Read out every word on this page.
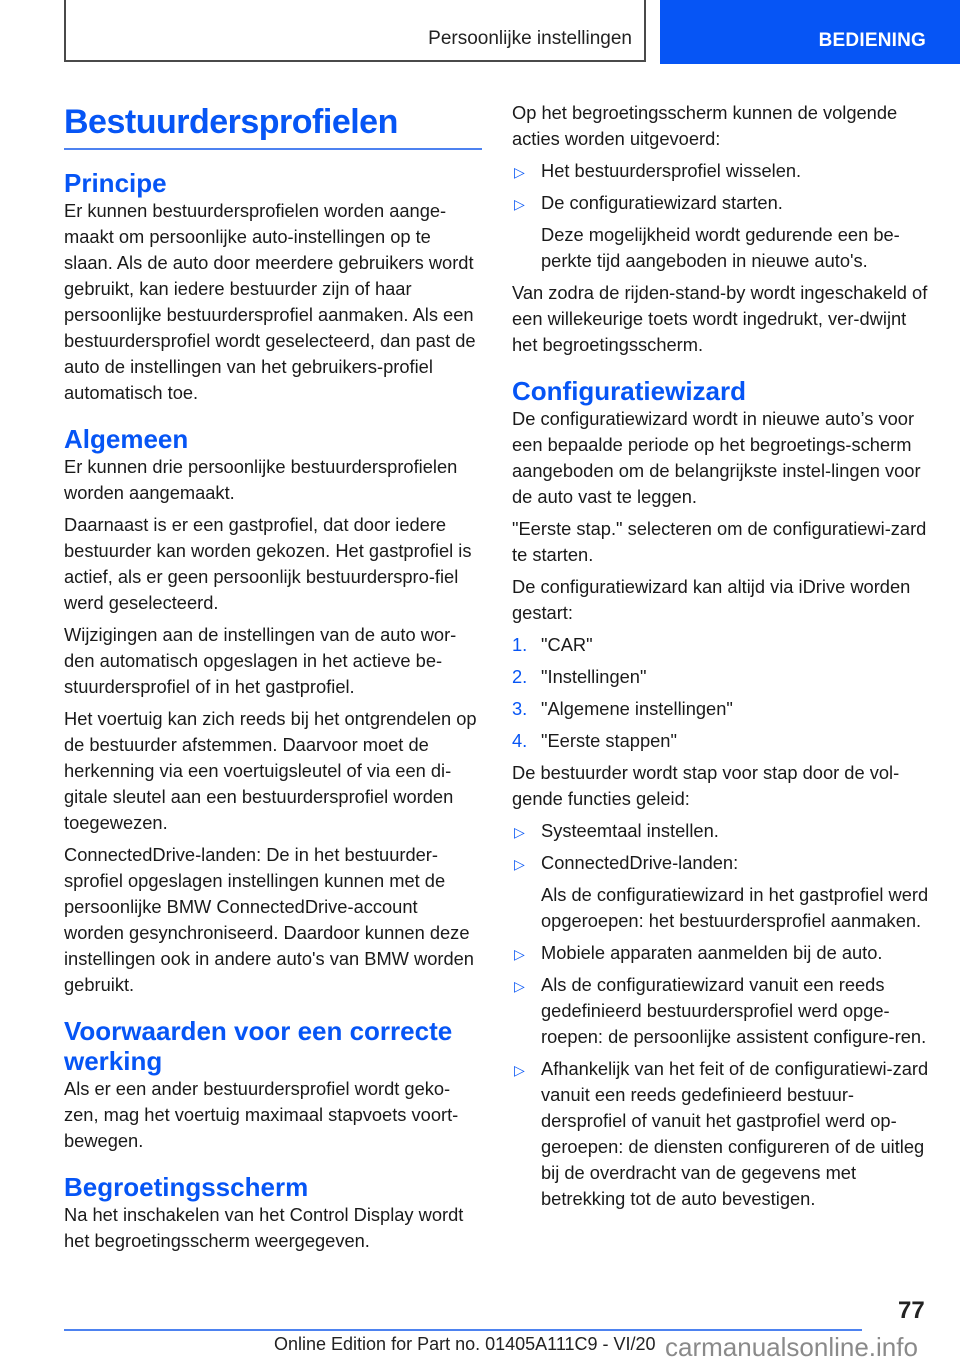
Persoonlijke instellingen	BEDIENING
Bestuurdersprofielen
Principe

Er kunnen bestuurdersprofielen worden aange-maakt om persoonlijke auto-instellingen op te slaan. Als de auto door meerdere gebruikers wordt gebruikt, kan iedere bestuurder zijn of haar persoonlijke bestuurdersprofiel aanmaken. Als een bestuurdersprofiel wordt geselecteerd, dan past de auto de instellingen van het gebruikers-profiel automatisch toe.

Algemeen

Er kunnen drie persoonlijke bestuurdersprofielen worden aangemaakt.

Daarnaast is er een gastprofiel, dat door iedere bestuurder kan worden gekozen. Het gastprofiel is actief, als er geen persoonlijk bestuurderspro-fiel werd geselecteerd.

Wijzigingen aan de instellingen van de auto wor-den automatisch opgeslagen in het actieve be-stuurdersprofiel of in het gastprofiel.

Het voertuig kan zich reeds bij het ontgrendelen op de bestuurder afstemmen. Daarvoor moet de herkenning via een voertuigsleutel of via een di-gitale sleutel aan een bestuurdersprofiel worden toegewezen.

ConnectedDrive-landen: De in het bestuurder-sprofiel opgeslagen instellingen kunnen met de persoonlijke BMW ConnectedDrive-account worden gesynchroniseerd. Daardoor kunnen deze instellingen ook in andere auto's van BMW worden gebruikt.

Voorwaarden voor een correcte werking

Als er een ander bestuurdersprofiel wordt geko-zen, mag het voertuig maximaal stapvoets voort-bewegen.

Begroetingsscherm

Na het inschakelen van het Control Display wordt het begroetingsscherm weergegeven.

Op het begroetingsscherm kunnen de volgende acties worden uitgevoerd:

▷ Het bestuurdersprofiel wisselen.
▷ De configuratiewizard starten.
Deze mogelijkheid wordt gedurende een be-perkte tijd aangeboden in nieuwe auto's.

Van zodra de rijden-stand-by wordt ingeschakeld of een willekeurige toets wordt ingedrukt, ver-dwijnt het begroetingsscherm.

Configuratiewizard

De configuratiewizard wordt in nieuwe auto’s voor een bepaalde periode op het begroetings-scherm aangeboden om de belangrijkste instel-lingen voor de auto vast te leggen.

"Eerste stap." selecteren om de configuratiewi-zard te starten.

De configuratiewizard kan altijd via iDrive worden gestart:

1. "CAR"
2. "Instellingen"
3. "Algemene instellingen"
4. "Eerste stappen"

De bestuurder wordt stap voor stap door de vol-gende functies geleid:

▷ Systeemtaal instellen.
▷ ConnectedDrive-landen:
Als de configuratiewizard in het gastprofiel werd opgeroepen: het bestuurdersprofiel aanmaken.
▷ Mobiele apparaten aanmelden bij de auto.
▷ Als de configuratiewizard vanuit een reeds gedefinieerd bestuurdersprofiel werd opge-roepen: de persoonlijke assistent configure-ren.
▷ Afhankelijk van het feit of de configuratiewi-zard vanuit een reeds gedefinieerd bestuur-dersprofiel of vanuit het gastprofiel werd op-geroepen: de diensten configureren of de uitleg bij de overdracht van de gegevens met betrekking tot de auto bevestigen.
77
Online Edition for Part no. 01405A111C9 - VI/20 carmanualsonline.info
